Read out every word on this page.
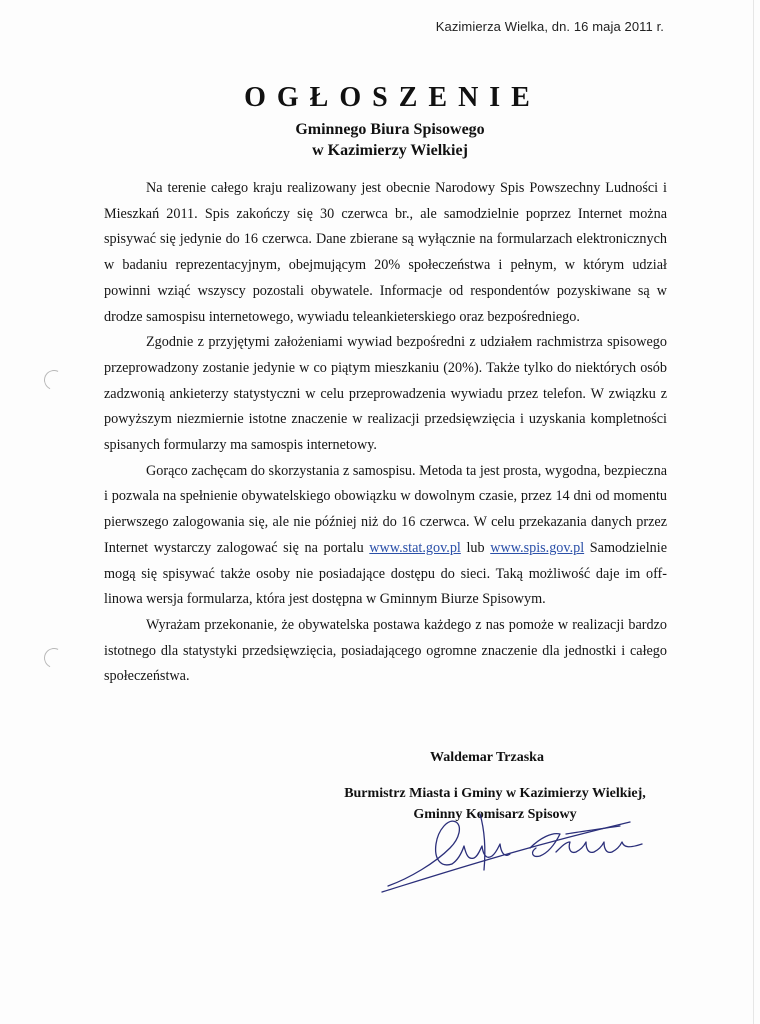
Kazimierza Wielka, dn. 16 maja 2011 r.
OGŁOSZENIE
Gminnego Biura Spisowego
w Kazimierzy Wielkiej

Na terenie całego kraju realizowany jest obecnie Narodowy Spis Powszechny Ludności i Mieszkań 2011. Spis zakończy się 30 czerwca br., ale samodzielnie poprzez Internet można spisywać się jedynie do 16 czerwca. Dane zbierane są wyłącznie na formularzach elektronicznych w badaniu reprezentacyjnym, obejmującym 20% społeczeństwa i pełnym, w którym udział powinni wziąć wszyscy pozostali obywatele. Informacje od respondentów pozyskiwane są w drodze samospisu internetowego, wywiadu teleankieterskiego oraz bezpośredniego.

Zgodnie z przyjętymi założeniami wywiad bezpośredni z udziałem rachmistrza spisowego przeprowadzony zostanie jedynie w co piątym mieszkaniu (20%). Także tylko do niektórych osób zadzwonią ankieterzy statystyczni w celu przeprowadzenia wywiadu przez telefon. W związku z powyższym niezmiernie istotne znaczenie w realizacji przedsięwzięcia i uzyskania kompletności spisanych formularzy ma samospis internetowy.

Gorąco zachęcam do skorzystania z samospisu. Metoda ta jest prosta, wygodna, bezpieczna i pozwala na spełnienie obywatelskiego obowiązku w dowolnym czasie, przez 14 dni od momentu pierwszego zalogowania się, ale nie później niż do 16 czerwca. W celu przekazania danych przez Internet wystarczy zalogować się na portalu www.stat.gov.pl lub www.spis.gov.pl Samodzielnie mogą się spisywać także osoby nie posiadające dostępu do sieci. Taką możliwość daje im off-linowa wersja formularza, która jest dostępna w Gminnym Biurze Spisowym.

Wyrażam przekonanie, że obywatelska postawa każdego z nas pomoże w realizacji bardzo istotnego dla statystyki przedsięwzięcia, posiadającego ogromne znaczenie dla jednostki i całego społeczeństwa.

Waldemar Trzaska
Burmistrz Miasta i Gminy w Kazimierzy Wielkiej,
Gminny Komisarz Spisowy
